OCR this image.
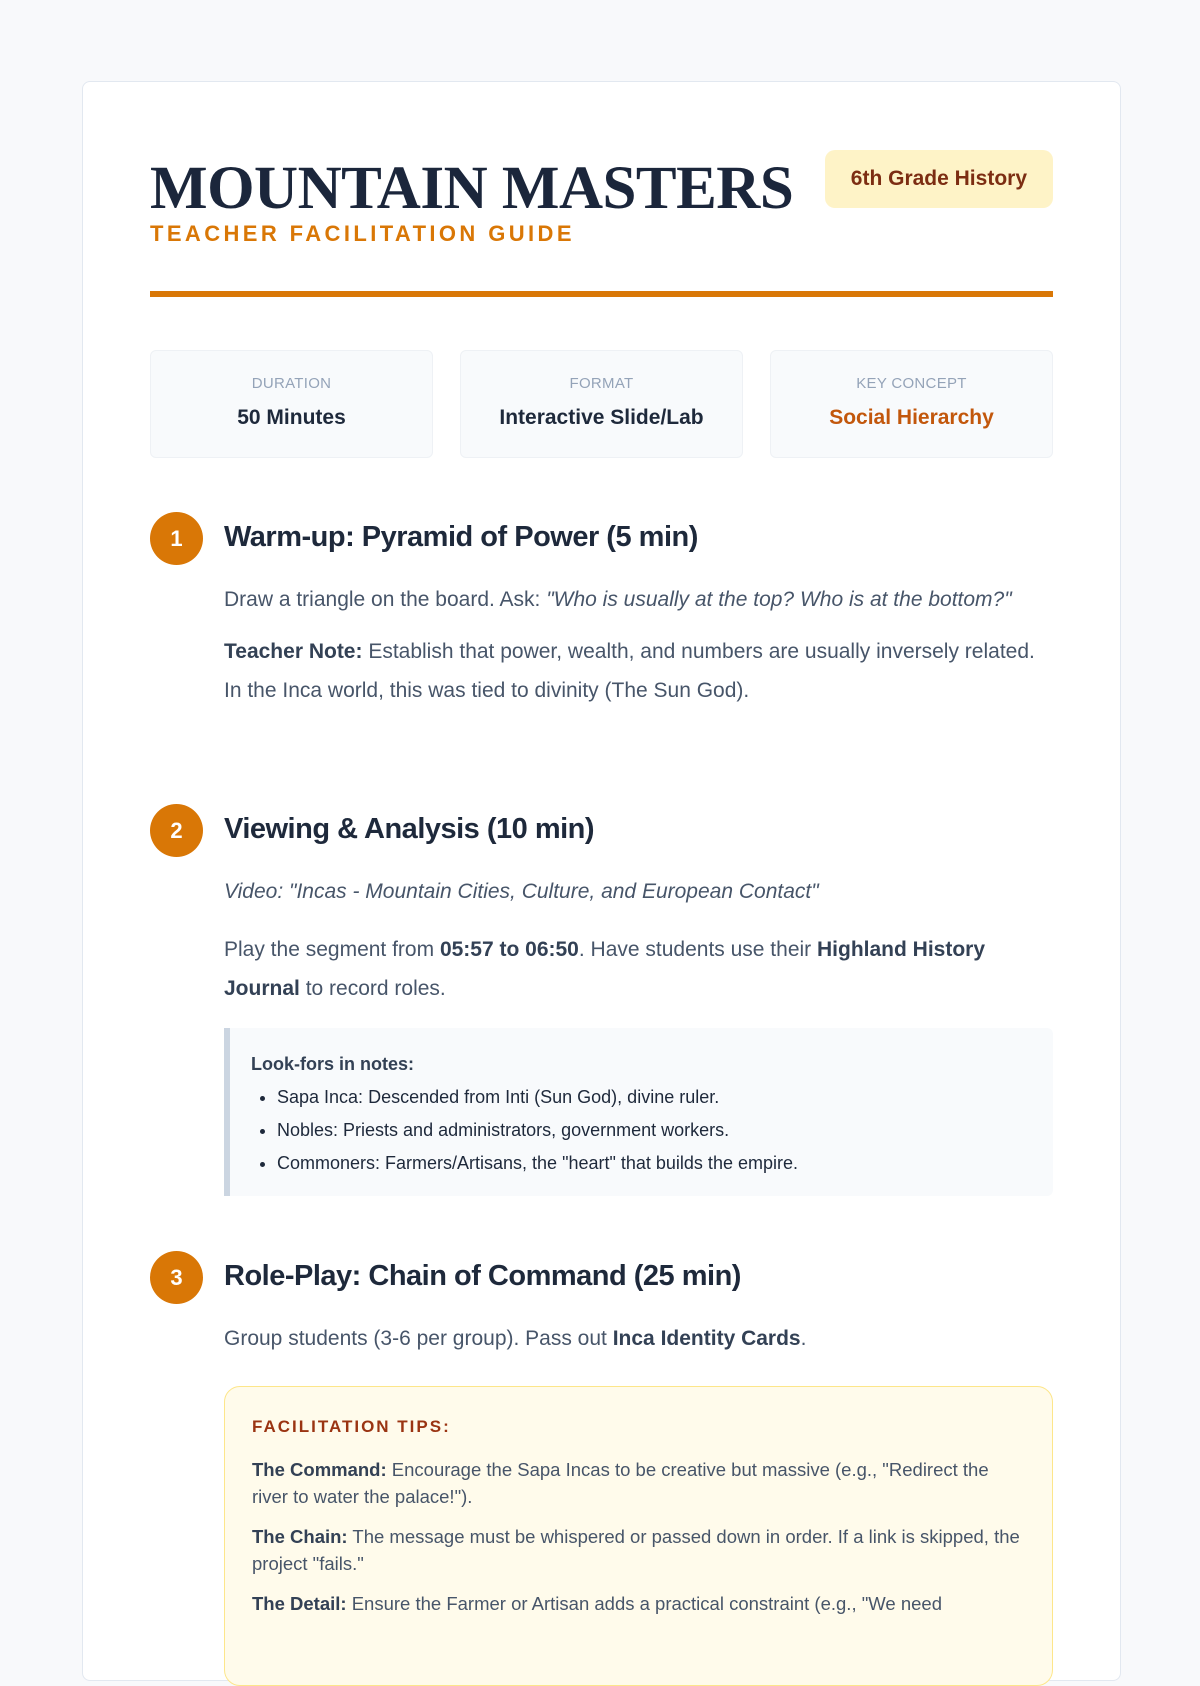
MOUNTAIN MASTERS
TEACHER FACILITATION GUIDE
6th Grade History
DURATION
50 Minutes
FORMAT
Interactive Slide/Lab
KEY CONCEPT
Social Hierarchy
1	Warm-up: Pyramid of Power (5 min)

Draw a triangle on the board. Ask: "Who is usually at the top? Who is at the bottom?"

Teacher Note: Establish that power, wealth, and numbers are usually inversely related. In the Inca world, this was tied to divinity (The Sun God).

2	Viewing & Analysis (10 min)

Video: "Incas - Mountain Cities, Culture, and European Contact"

Play the segment from 05:57 to 06:50. Have students use their Highland History Journal to record roles.

Look-fors in notes:
• Sapa Inca: Descended from Inti (Sun God), divine ruler.
• Nobles: Priests and administrators, government workers.
• Commoners: Farmers/Artisans, the "heart" that builds the empire.
3	Role-Play: Chain of Command (25 min)

Group students (3-6 per group). Pass out Inca Identity Cards.

FACILITATION TIPS:

The Command: Encourage the Sapa Incas to be creative but massive (e.g., "Redirect the river to water the palace!").

The Chain: The message must be whispered or passed down in order. If a link is skipped, the project "fails."

The Detail: Ensure the Farmer or Artisan adds a practical constraint (e.g., "We need
